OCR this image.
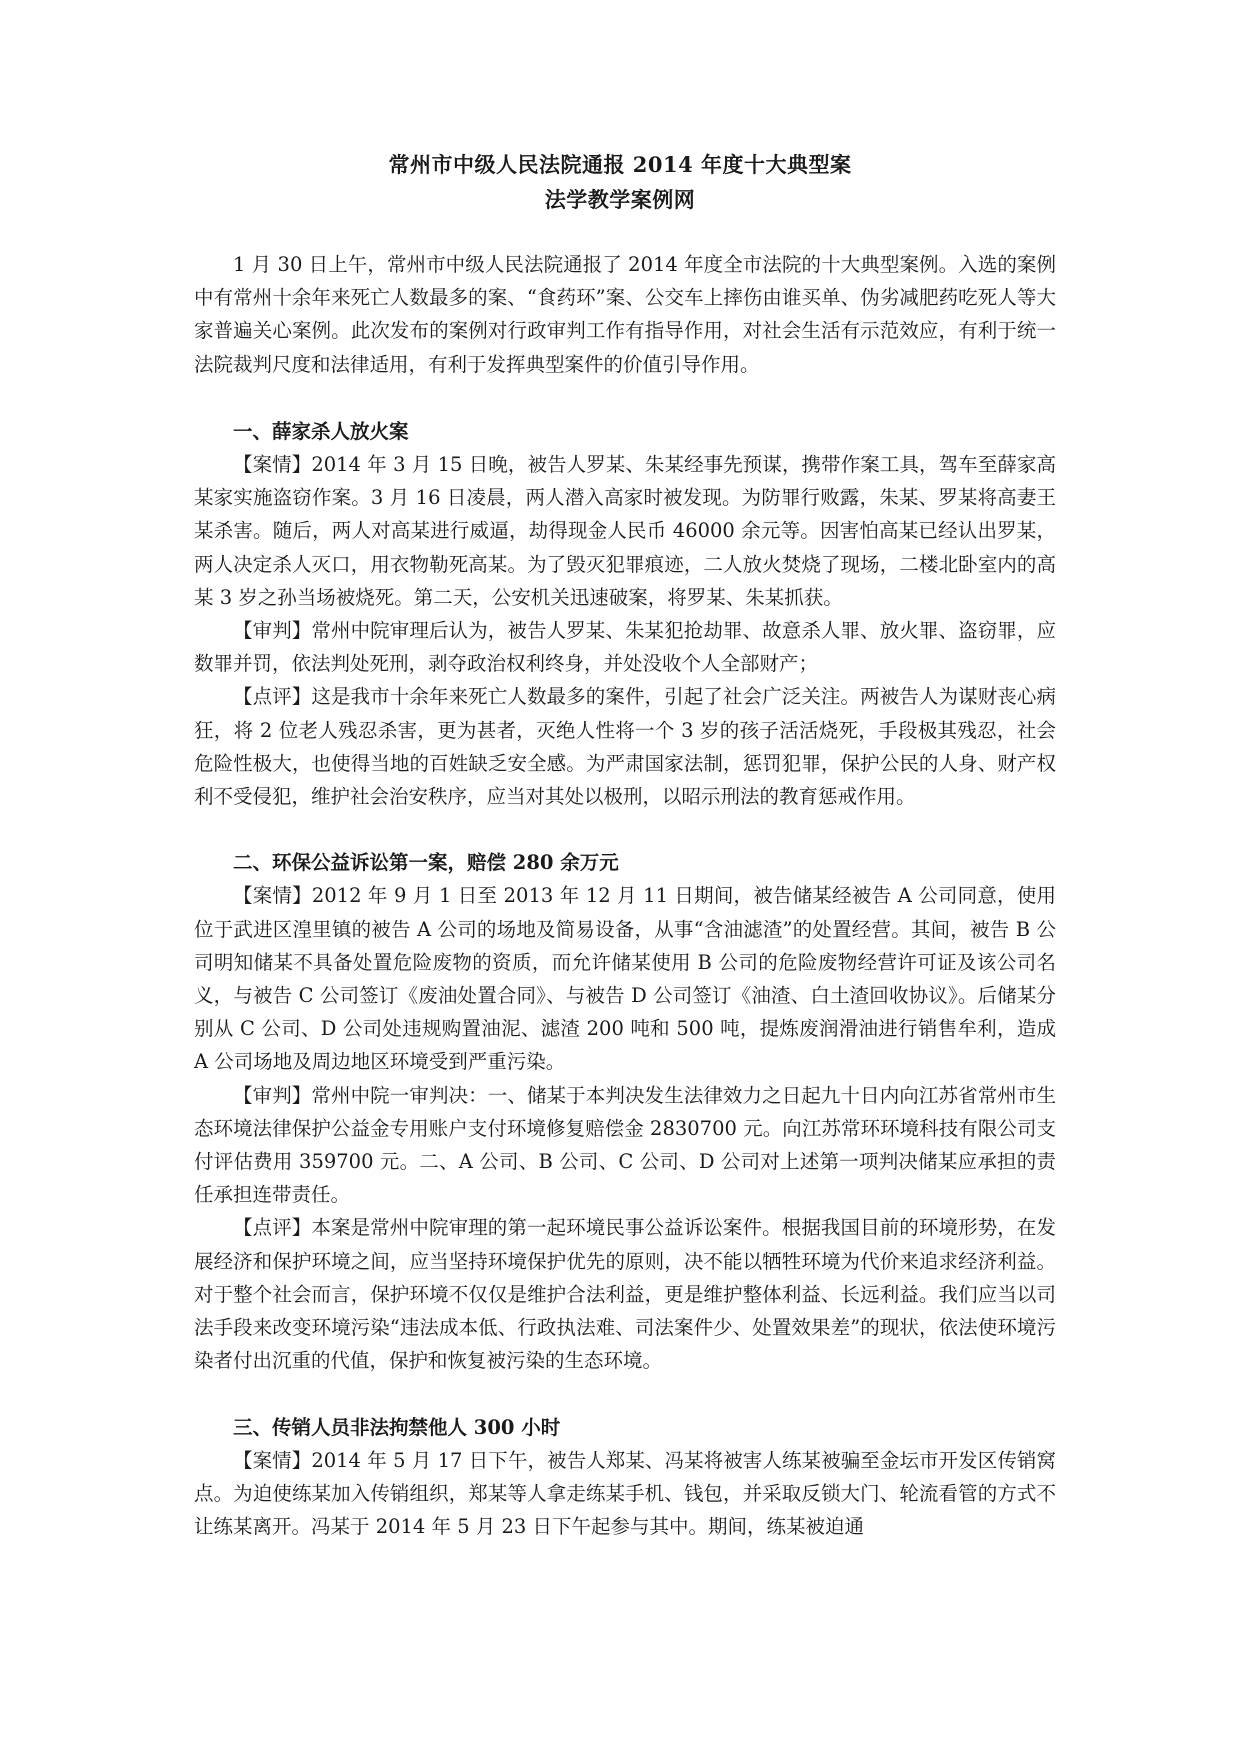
常州市中级人民法院通报 2014 年度十大典型案
法学教学案例网

1 月 30 日上午，常州市中级人民法院通报了 2014 年度全市法院的十大典型案例。入选的案例中有常州十余年来死亡人数最多的案、“食药环”案、公交车上摔伤由谁买单、伪劣减肥药吃死人等大家普遍关心案例。此次发布的案例对行政审判工作有指导作用，对社会生活有示范效应，有利于统一法院裁判尺度和法律适用，有利于发挥典型案件的价值引导作用。

一、薛家杀人放火案

【案情】2014 年 3 月 15 日晚，被告人罗某、朱某经事先预谋，携带作案工具，驾车至薛家高某家实施盗窃作案。3 月 16 日凌晨，两人潜入高家时被发现。为防罪行败露，朱某、罗某将高妻王某杀害。随后，两人对高某进行威逼，劫得现金人民币 46000 余元等。因害怕高某已经认出罗某，两人决定杀人灭口，用衣物勒死高某。为了毁灭犯罪痕迹，二人放火焚烧了现场，二楼北卧室内的高某 3 岁之孙当场被烧死。第二天，公安机关迅速破案，将罗某、朱某抓获。

【审判】常州中院审理后认为，被告人罗某、朱某犯抢劫罪、故意杀人罪、放火罪、盗窃罪，应数罪并罚，依法判处死刑，剥夺政治权利终身，并处没收个人全部财产；

【点评】这是我市十余年来死亡人数最多的案件，引起了社会广泛关注。两被告人为谋财丧心病狂，将 2 位老人残忍杀害，更为甚者，灭绝人性将一个 3 岁的孩子活活烧死，手段极其残忍，社会危险性极大，也使得当地的百姓缺乏安全感。为严肃国家法制，惩罚犯罪，保护公民的人身、财产权利不受侵犯，维护社会治安秩序，应当对其处以极刑，以昭示刑法的教育惩戒作用。

二、环保公益诉讼第一案，赔偿 280 余万元

【案情】2012 年 9 月 1 日至 2013 年 12 月 11 日期间，被告储某经被告 A 公司同意，使用位于武进区湟里镇的被告 A 公司的场地及简易设备，从事“含油滤渣”的处置经营。其间，被告 B 公司明知储某不具备处置危险废物的资质，而允许储某使用 B 公司的危险废物经营许可证及该公司名义，与被告 C 公司签订《废油处置合同》、与被告 D 公司签订《油渣、白土渣回收协议》。后储某分别从 C 公司、D 公司处违规购置油泥、滤渣 200 吨和 500 吨，提炼废润滑油进行销售牟利，造成 A 公司场地及周边地区环境受到严重污染。

【审判】常州中院一审判决：一、储某于本判决发生法律效力之日起九十日内向江苏省常州市生态环境法律保护公益金专用账户支付环境修复赔偿金 2830700 元。向江苏常环环境科技有限公司支付评估费用 359700 元。二、A 公司、B 公司、C 公司、D 公司对上述第一项判决储某应承担的责任承担连带责任。

【点评】本案是常州中院审理的第一起环境民事公益诉讼案件。根据我国目前的环境形势，在发展经济和保护环境之间，应当坚持环境保护优先的原则，决不能以牺牲环境为代价来追求经济利益。对于整个社会而言，保护环境不仅仅是维护合法利益，更是维护整体利益、长远利益。我们应当以司法手段来改变环境污染“违法成本低、行政执法难、司法案件少、处置效果差”的现状，依法使环境污染者付出沉重的代值，保护和恢复被污染的生态环境。

三、传销人员非法拘禁他人 300 小时

【案情】2014 年 5 月 17 日下午，被告人郑某、冯某将被害人练某被骗至金坛市开发区传销窝点。为迫使练某加入传销组织，郑某等人拿走练某手机、钱包，并采取反锁大门、轮流看管的方式不让练某离开。冯某于 2014 年 5 月 23 日下午起参与其中。期间，练某被迫通
